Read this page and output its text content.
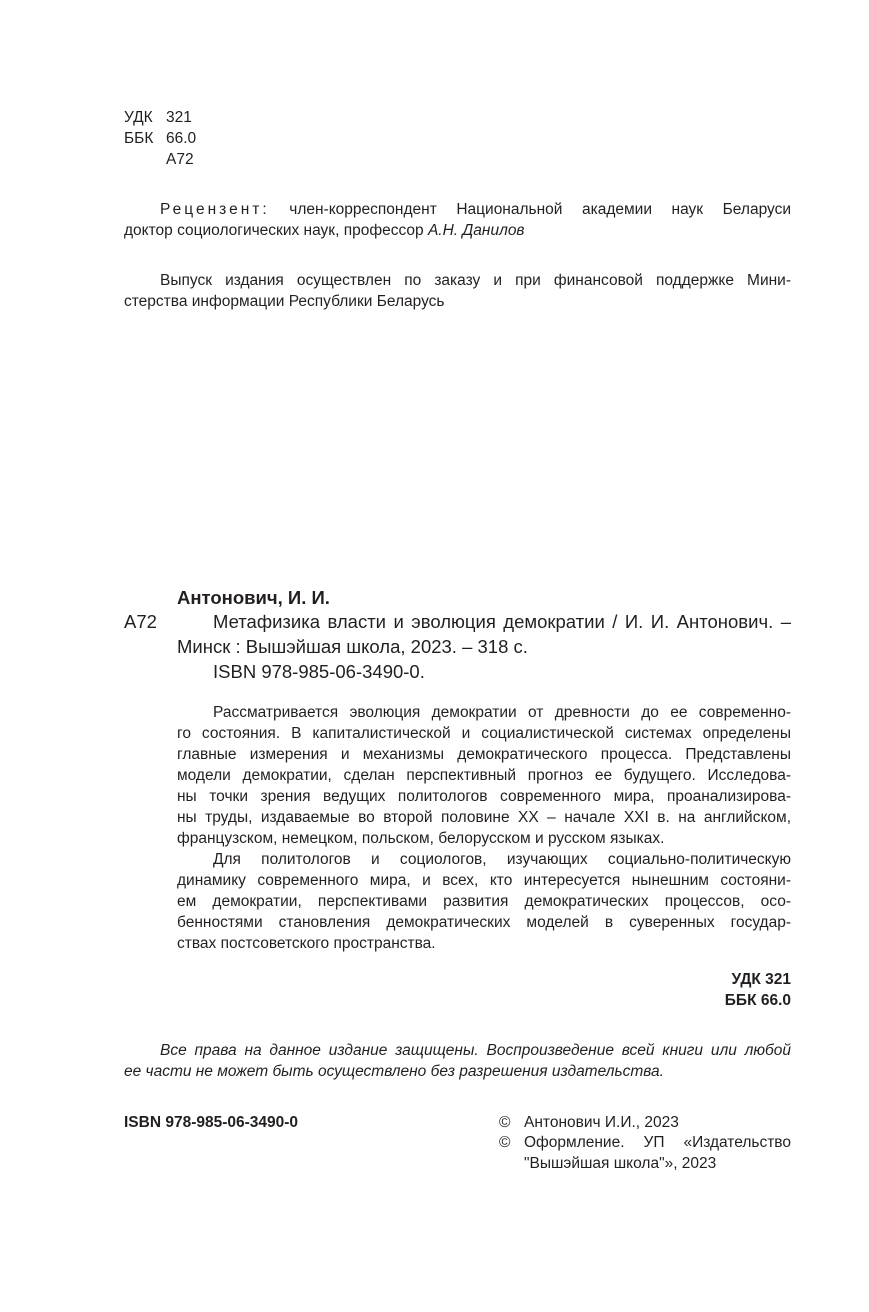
УДК 321
ББК 66.0
А72
Рецензент: член-корреспондент Национальной академии наук Беларуси
доктор социологических наук, профессор А.Н. Данилов
Выпуск издания осуществлен по заказу и при финансовой поддержке Мини-
стерства информации Республики Беларусь
Антонович, И. И.
А72	Метафизика власти и эволюция демократии / И. И. Антонович. –
Минск : Вышэйшая школа, 2023. – 318 с.
ISBN 978-985-06-3490-0.
Рассматривается эволюция демократии от древности до ее современно-
го состояния. В капиталистической и социалистической системах определены
главные измерения и механизмы демократического процесса. Представлены
модели демократии, сделан перспективный прогноз ее будущего. Исследова-
ны точки зрения ведущих политологов современного мира, проанализирова-
ны труды, издаваемые во второй половине XX – начале XXI в. на английском,
французском, немецком, польском, белорусском и русском языках.
Для политологов и социологов, изучающих социально-политическую
динамику современного мира, и всех, кто интересуется нынешним состояни-
ем демократии, перспективами развития демократических процессов, осо-
бенностями становления демократических моделей в суверенных государ-
ствах постсоветского пространства.
УДК 321
ББК 66.0
Все права на данное издание защищены. Воспроизведение всей книги или любой
ее части не может быть осуществлено без разрешения издательства.
ISBN 978-985-06-3490-0	© Антонович И.И., 2023
© Оформление. УП «Издательство
"Вышэйшая школа"», 2023
